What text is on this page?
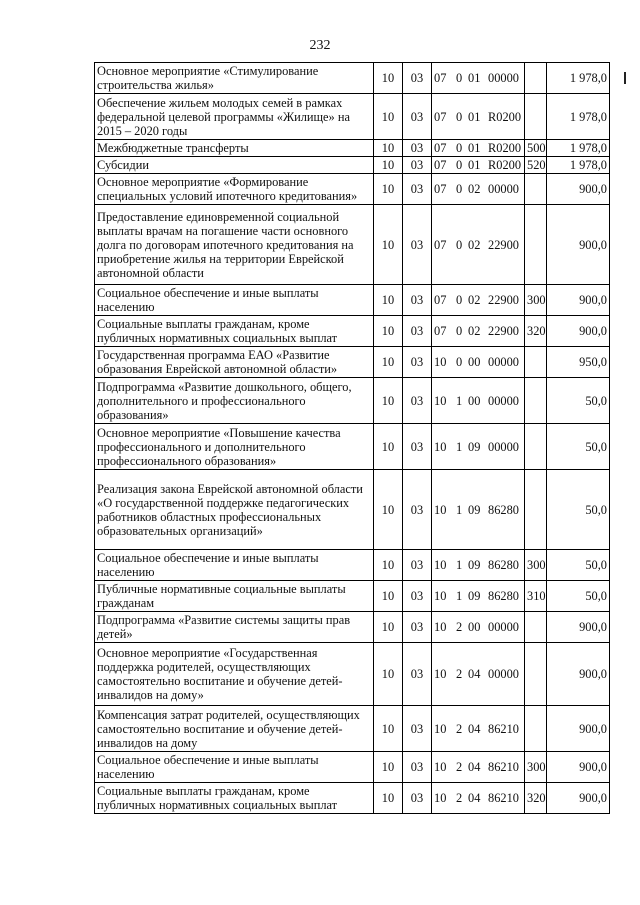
232
Основное мероприятие «Стимулирование строительства жилья»	10	03	07 0 01 00000		1 978,0
Обеспечение жильем молодых семей в рамках федеральной целевой программы «Жилище» на 2015 – 2020 годы	10	03	07 0 01 R0200		1 978,0
Межбюджетные трансферты	10	03	07 0 01 R0200	500	1 978,0
Субсидии	10	03	07 0 01 R0200	520	1 978,0
Основное мероприятие «Формирование специальных условий ипотечного кредитования»	10	03	07 0 02 00000		900,0
Предоставление единовременной социальной выплаты врачам на погашение части основного долга по договорам ипотечного кредитования на приобретение жилья на территории Еврейской автономной области	10	03	07 0 02 22900		900,0
Социальное обеспечение и иные выплаты населению	10	03	07 0 02 22900	300	900,0
Социальные выплаты гражданам, кроме публичных нормативных социальных выплат	10	03	07 0 02 22900	320	900,0
Государственная программа ЕАО «Развитие образования Еврейской автономной области»	10	03	10 0 00 00000		950,0
Подпрограмма «Развитие дошкольного, общего, дополнительного и профессионального образования»	10	03	10 1 00 00000		50,0
Основное мероприятие «Повышение качества профессионального и дополнительного профессионального образования»	10	03	10 1 09 00000		50,0
Реализация закона Еврейской автономной области «О государственной поддержке педагогических работников областных профессиональных образовательных организаций»	10	03	10 1 09 86280		50,0
Социальное обеспечение и иные выплаты населению	10	03	10 1 09 86280	300	50,0
Публичные нормативные социальные выплаты гражданам	10	03	10 1 09 86280	310	50,0
Подпрограмма «Развитие системы защиты прав детей»	10	03	10 2 00 00000		900,0
Основное мероприятие «Государственная поддержка родителей, осуществляющих самостоятельно воспитание и обучение детей-инвалидов на дому»	10	03	10 2 04 00000		900,0
Компенсация затрат родителей, осуществляющих самостоятельно воспитание и обучение детей-инвалидов на дому	10	03	10 2 04 86210		900,0
Социальное обеспечение и иные выплаты населению	10	03	10 2 04 86210	300	900,0
Социальные выплаты гражданам, кроме публичных нормативных социальных выплат	10	03	10 2 04 86210	320	900,0
